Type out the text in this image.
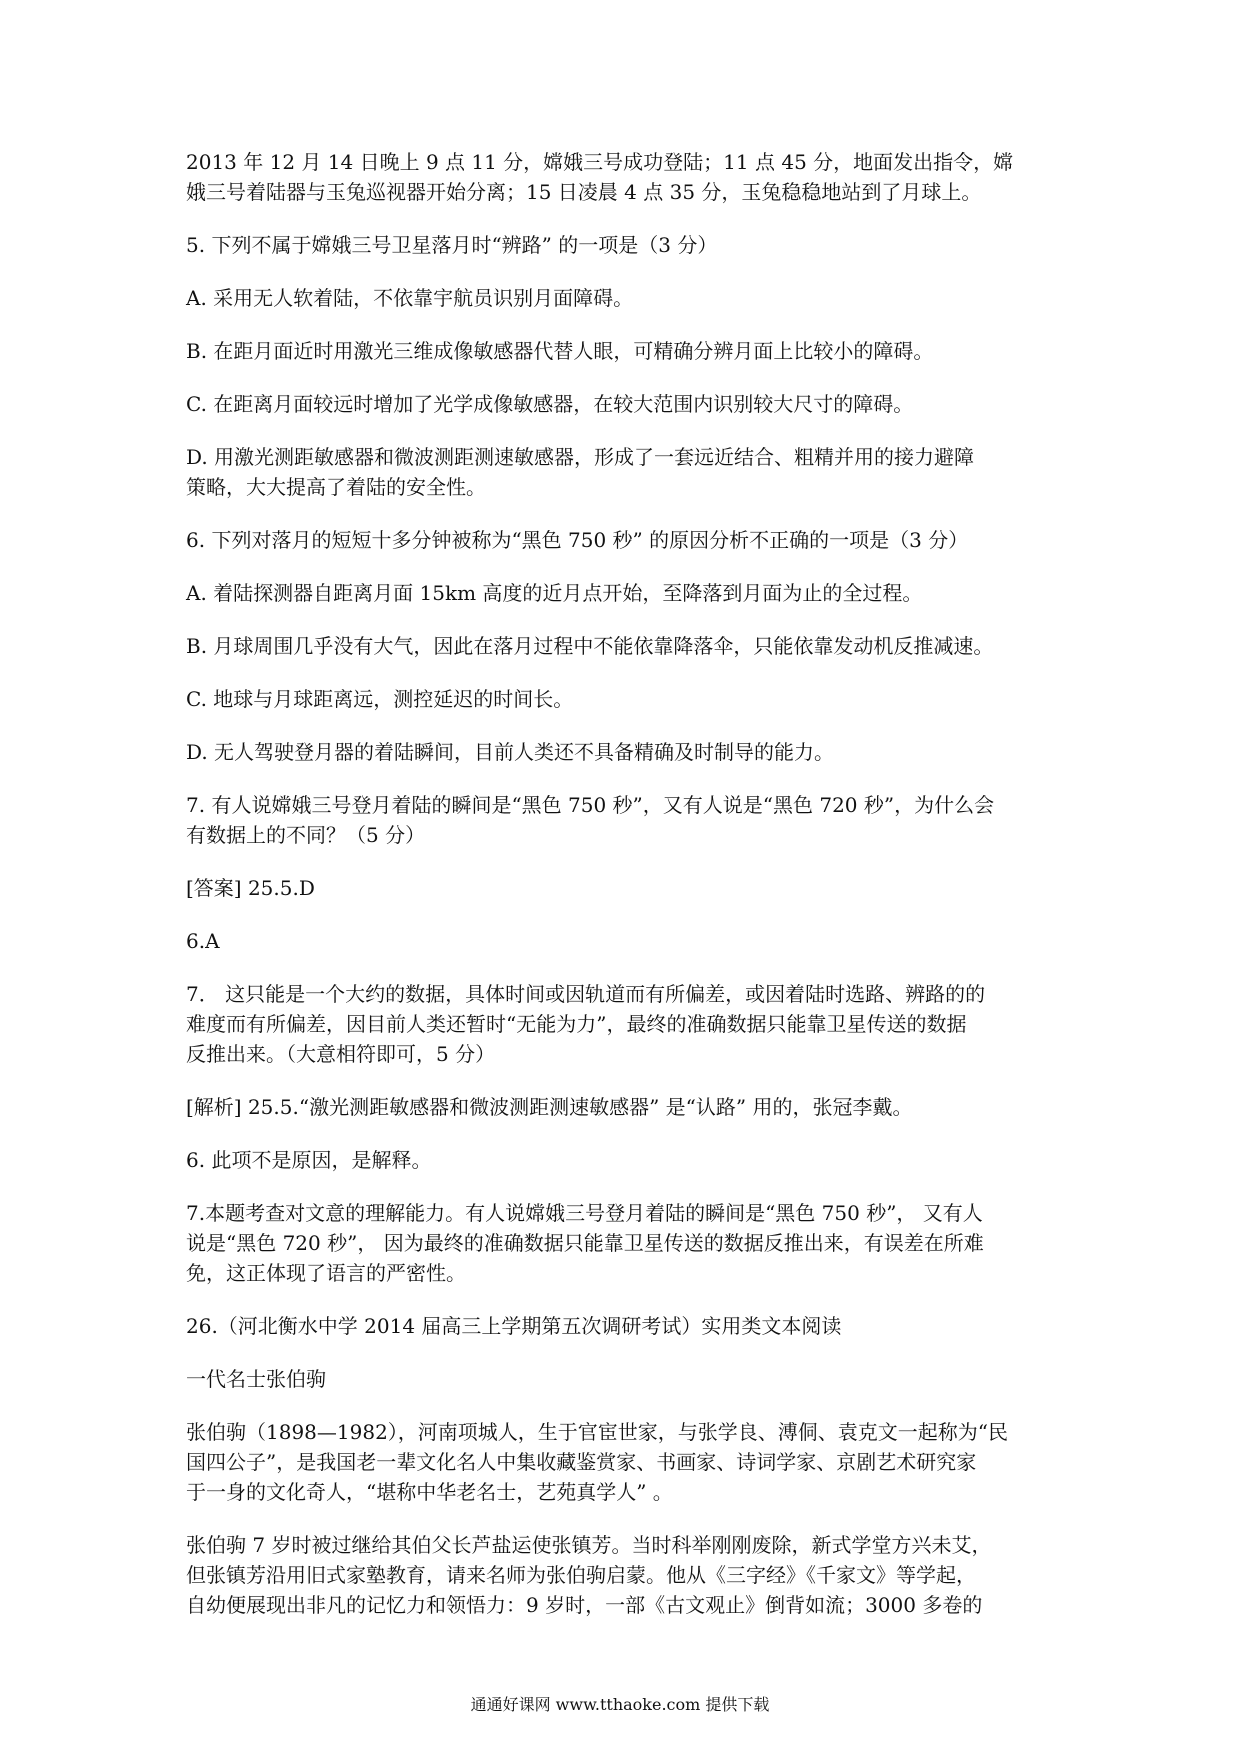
2013 年 12 月 14 日晚上 9 点 11 分，嫦娥三号成功登陆；11 点 45 分，地面发出指令，嫦
娥三号着陆器与玉兔巡视器开始分离；15 日凌晨 4 点 35 分，玉兔稳稳地站到了月球上。
5. 下列不属于嫦娥三号卫星落月时“辨路” 的一项是（3 分）
A. 采用无人软着陆，不依靠宇航员识别月面障碍。
B. 在距月面近时用激光三维成像敏感器代替人眼，可精确分辨月面上比较小的障碍。
C. 在距离月面较远时增加了光学成像敏感器，在较大范围内识别较大尺寸的障碍。
D. 用激光测距敏感器和微波测距测速敏感器，形成了一套远近结合、粗精并用的接力避障
策略，大大提高了着陆的安全性。
6. 下列对落月的短短十多分钟被称为“黑色 750 秒” 的原因分析不正确的一项是（3 分）
A. 着陆探测器自距离月面 15km 高度的近月点开始，至降落到月面为止的全过程。
B. 月球周围几乎没有大气，因此在落月过程中不能依靠降落伞，只能依靠发动机反推减速。
C. 地球与月球距离远，测控延迟的时间长。
D. 无人驾驶登月器的着陆瞬间，目前人类还不具备精确及时制导的能力。
7. 有人说嫦娥三号登月着陆的瞬间是“黑色 750 秒”，又有人说是“黑色 720 秒”，为什么会
有数据上的不同？（5 分）
[答案] 25.5.D
6.A
7． 这只能是一个大约的数据，具体时间或因轨道而有所偏差，或因着陆时选路、辨路的的
难度而有所偏差，因目前人类还暂时“无能为力”，最终的准确数据只能靠卫星传送的数据
反推出来。（大意相符即可，5 分）
[解析] 25.5.“激光测距敏感器和微波测距测速敏感器” 是“认路” 用的，张冠李戴。
6. 此项不是原因，是解释。
7.本题考查对文意的理解能力。有人说嫦娥三号登月着陆的瞬间是“黑色 750 秒”， 又有人
说是“黑色 720 秒”， 因为最终的准确数据只能靠卫星传送的数据反推出来，有误差在所难
免，这正体现了语言的严密性。
26.（河北衡水中学 2014 届高三上学期第五次调研考试）实用类文本阅读
一代名士张伯驹
张伯驹（1898—1982），河南项城人，生于官宦世家，与张学良、溥侗、袁克文一起称为“民
国四公子”，是我国老一辈文化名人中集收藏鉴赏家、书画家、诗词学家、京剧艺术研究家
于一身的文化奇人，“堪称中华老名士，艺苑真学人” 。
张伯驹 7 岁时被过继给其伯父长芦盐运使张镇芳。当时科举刚刚废除，新式学堂方兴未艾，
但张镇芳沿用旧式家塾教育，请来名师为张伯驹启蒙。他从《三字经》《千家文》等学起，
自幼便展现出非凡的记忆力和领悟力：9 岁时，一部《古文观止》倒背如流；3000 多卷的
通通好课网 www.tthaoke.com 提供下载
